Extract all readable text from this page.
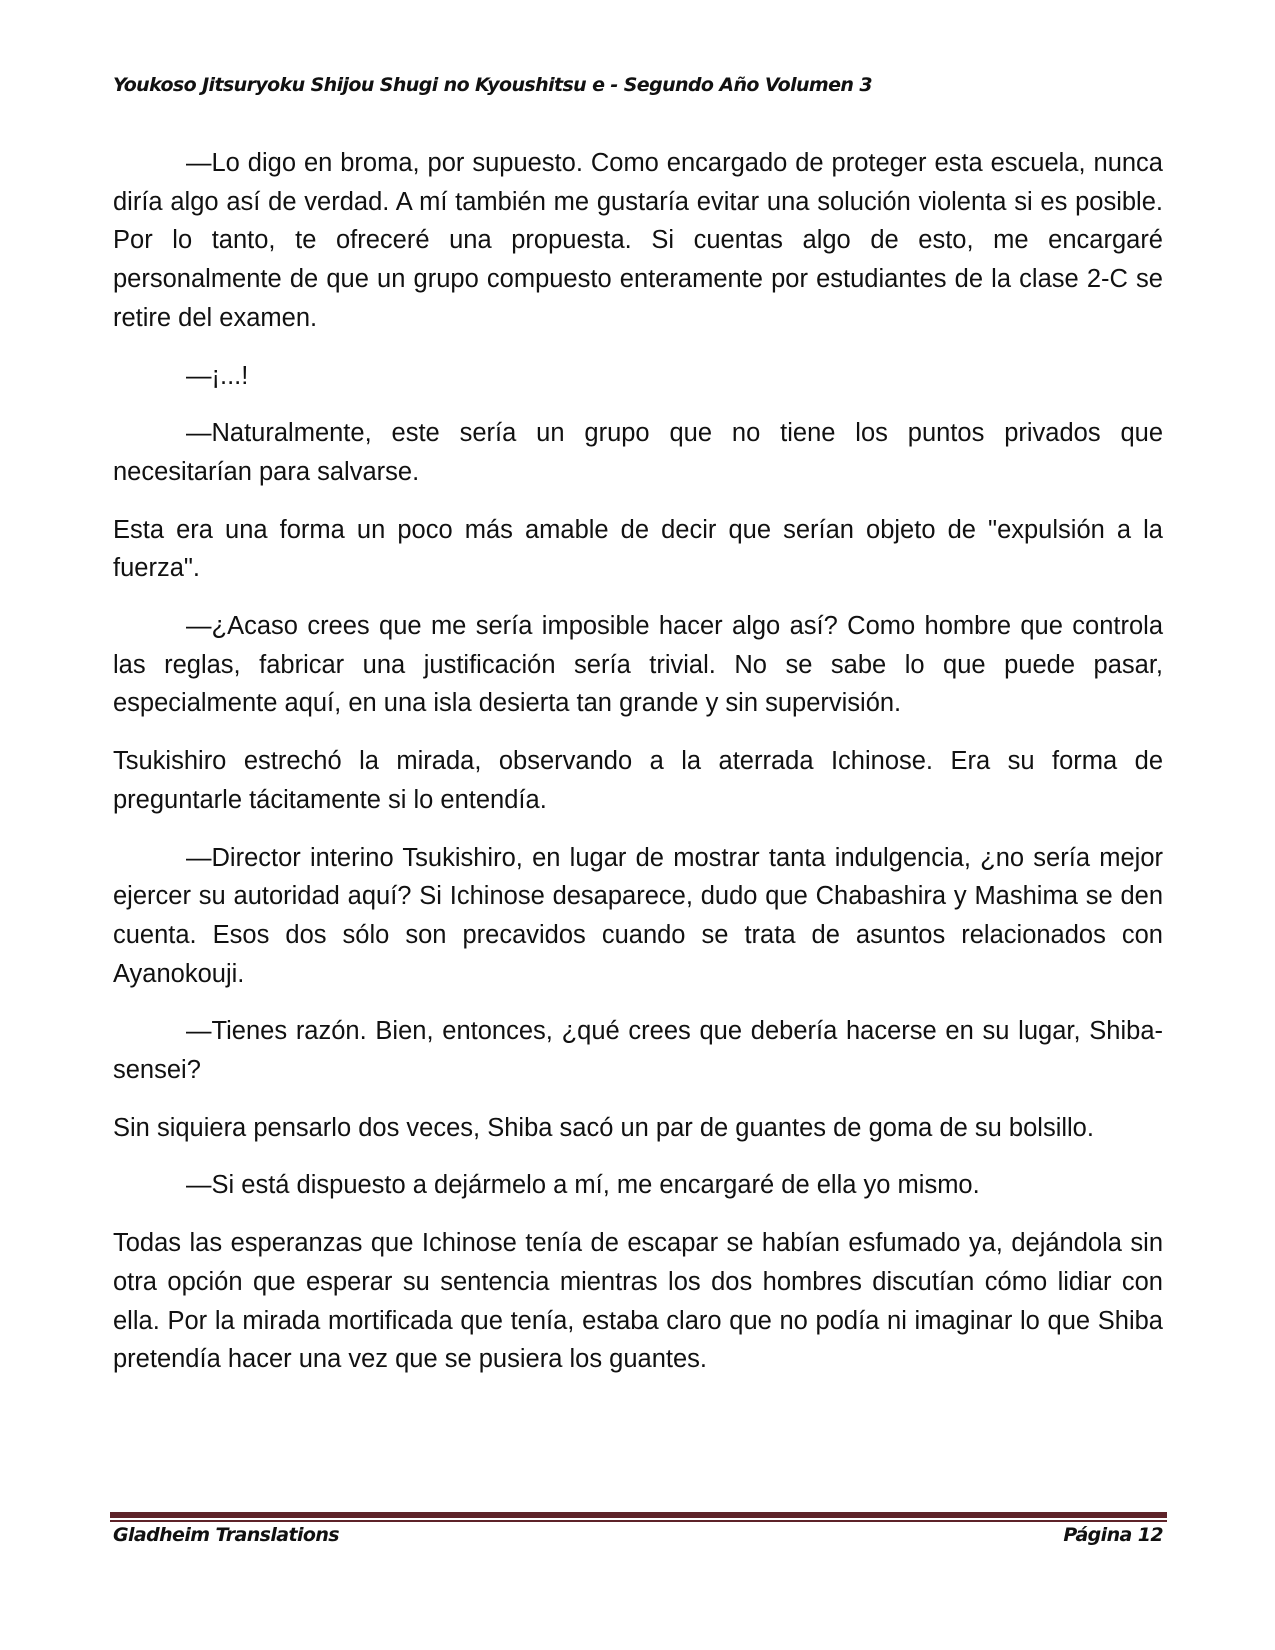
Youkoso Jitsuryoku Shijou Shugi no Kyoushitsu e - Segundo Año Volumen 3

—Lo digo en broma, por supuesto. Como encargado de proteger esta escuela, nunca diría algo así de verdad. A mí también me gustaría evitar una solución violenta si es posible. Por lo tanto, te ofreceré una propuesta. Si cuentas algo de esto, me encargaré personalmente de que un grupo compuesto enteramente por estudiantes de la clase 2-C se retire del examen.

—¡...!

—Naturalmente, este sería un grupo que no tiene los puntos privados que necesitarían para salvarse.

Esta era una forma un poco más amable de decir que serían objeto de "expulsión a la fuerza".

—¿Acaso crees que me sería imposible hacer algo así? Como hombre que controla las reglas, fabricar una justificación sería trivial. No se sabe lo que puede pasar, especialmente aquí, en una isla desierta tan grande y sin supervisión.

Tsukishiro estrechó la mirada, observando a la aterrada Ichinose. Era su forma de preguntarle tácitamente si lo entendía.

—Director interino Tsukishiro, en lugar de mostrar tanta indulgencia, ¿no sería mejor ejercer su autoridad aquí? Si Ichinose desaparece, dudo que Chabashira y Mashima se den cuenta. Esos dos sólo son precavidos cuando se trata de asuntos relacionados con Ayanokouji.

—Tienes razón. Bien, entonces, ¿qué crees que debería hacerse en su lugar, Shiba-sensei?

Sin siquiera pensarlo dos veces, Shiba sacó un par de guantes de goma de su bolsillo.

—Si está dispuesto a dejármelo a mí, me encargaré de ella yo mismo.

Todas las esperanzas que Ichinose tenía de escapar se habían esfumado ya, dejándola sin otra opción que esperar su sentencia mientras los dos hombres discutían cómo lidiar con ella. Por la mirada mortificada que tenía, estaba claro que no podía ni imaginar lo que Shiba pretendía hacer una vez que se pusiera los guantes.

Gladheim Translations	Página 12
